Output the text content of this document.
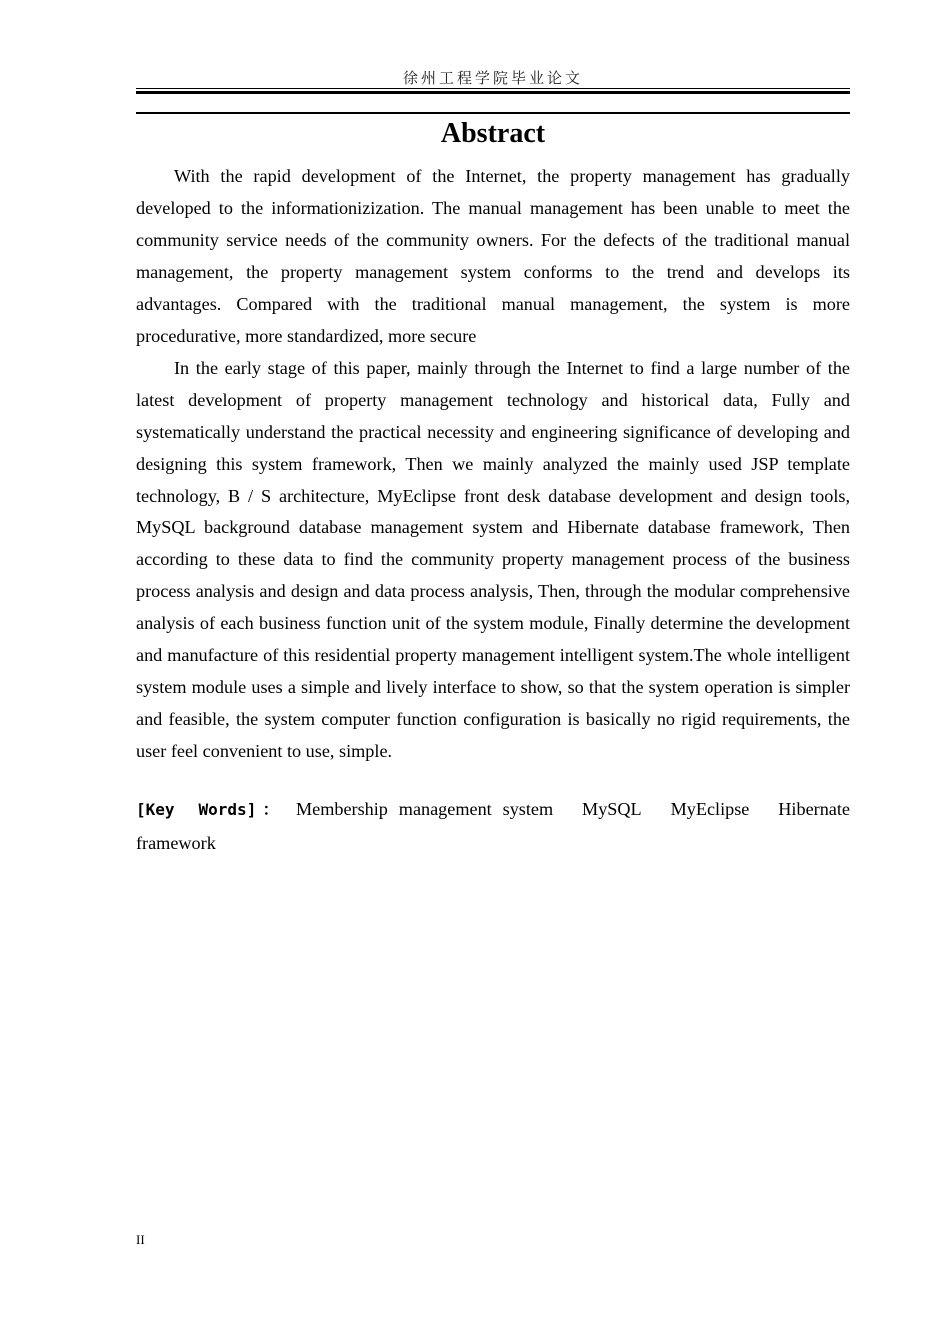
徐州工程学院毕业论文
Abstract

With the rapid development of the Internet, the property management has gradually developed to the informationizization. The manual management has been unable to meet the community service needs of the community owners. For the defects of the traditional manual management, the property management system conforms to the trend and develops its advantages. Compared with the traditional manual management, the system is more procedurative, more standardized, more secure

In the early stage of this paper, mainly through the Internet to find a large number of the latest development of property management technology and historical data, Fully and systematically understand the practical necessity and engineering significance of developing and designing this system framework, Then we mainly analyzed the mainly used JSP template technology, B / S architecture, MyEclipse front desk database development and design tools, MySQL background database management system and Hibernate database framework, Then according to these data to find the community property management process of the business process analysis and design and data process analysis, Then, through the modular comprehensive analysis of each business function unit of the system module, Finally determine the development and manufacture of this residential property management intelligent system.The whole intelligent system module uses a simple and lively interface to show, so that the system operation is simpler and feasible, the system computer function configuration is basically no rigid requirements, the user feel convenient to use, simple.

[Key Words]： Membership management system MySQL MyEclipse Hibernate framework
II
